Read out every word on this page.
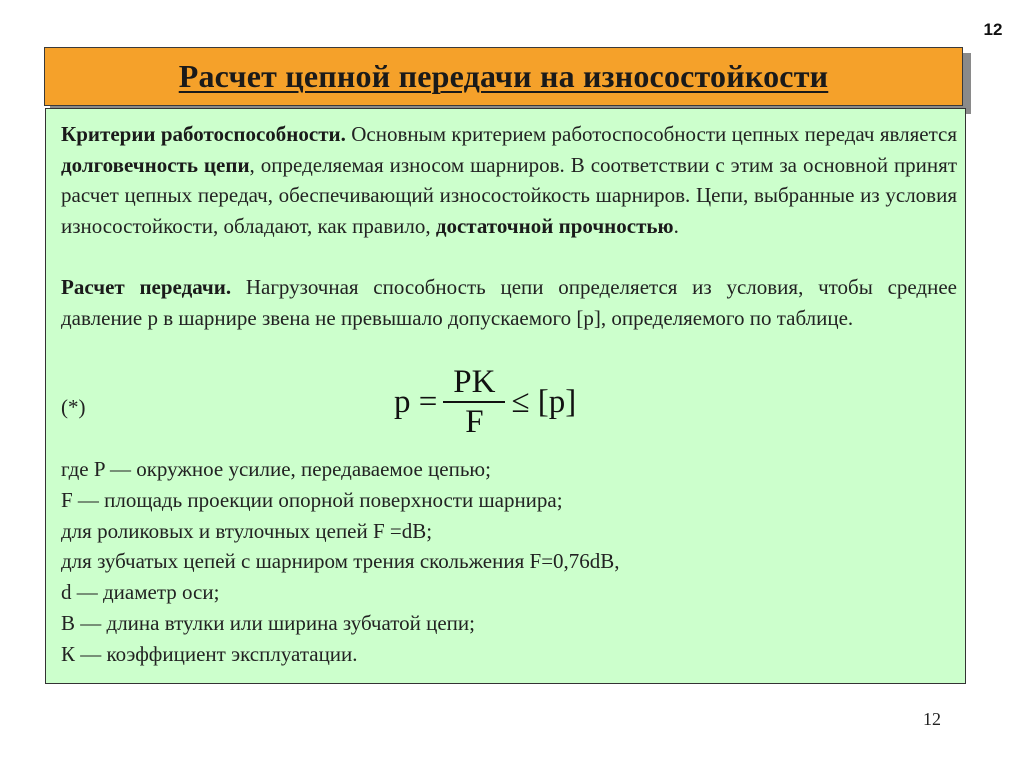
12
Расчет цепной передачи на износостойкости
Критерии работоспособности. Основным критерием работоспособности цепных передач является долговечность цепи, определяемая износом шарниров. В соответствии с этим за основной принят расчет цепных передач, обеспечивающий износостойкость шарниров. Цепи, выбранные из условия износостойкости, обладают, как правило, достаточной прочностью.
Расчет передачи. Нагрузочная способность цепи определяется из условия, чтобы среднее давление p в шарнире звена не превышало допускаемого [p], определяемого по таблице.
(*)	$p = \frac{PK}{F} \le [p]$
где P — окружное усилие, передаваемое цепью;
F — площадь проекции опорной поверхности шарнира;
для роликовых и втулочных цепей F =dB;
для зубчатых цепей с шарниром трения скольжения F=0,76dB,
d — диаметр оси;
B — длина втулки или ширина зубчатой цепи;
К — коэффициент эксплуатации.
12
